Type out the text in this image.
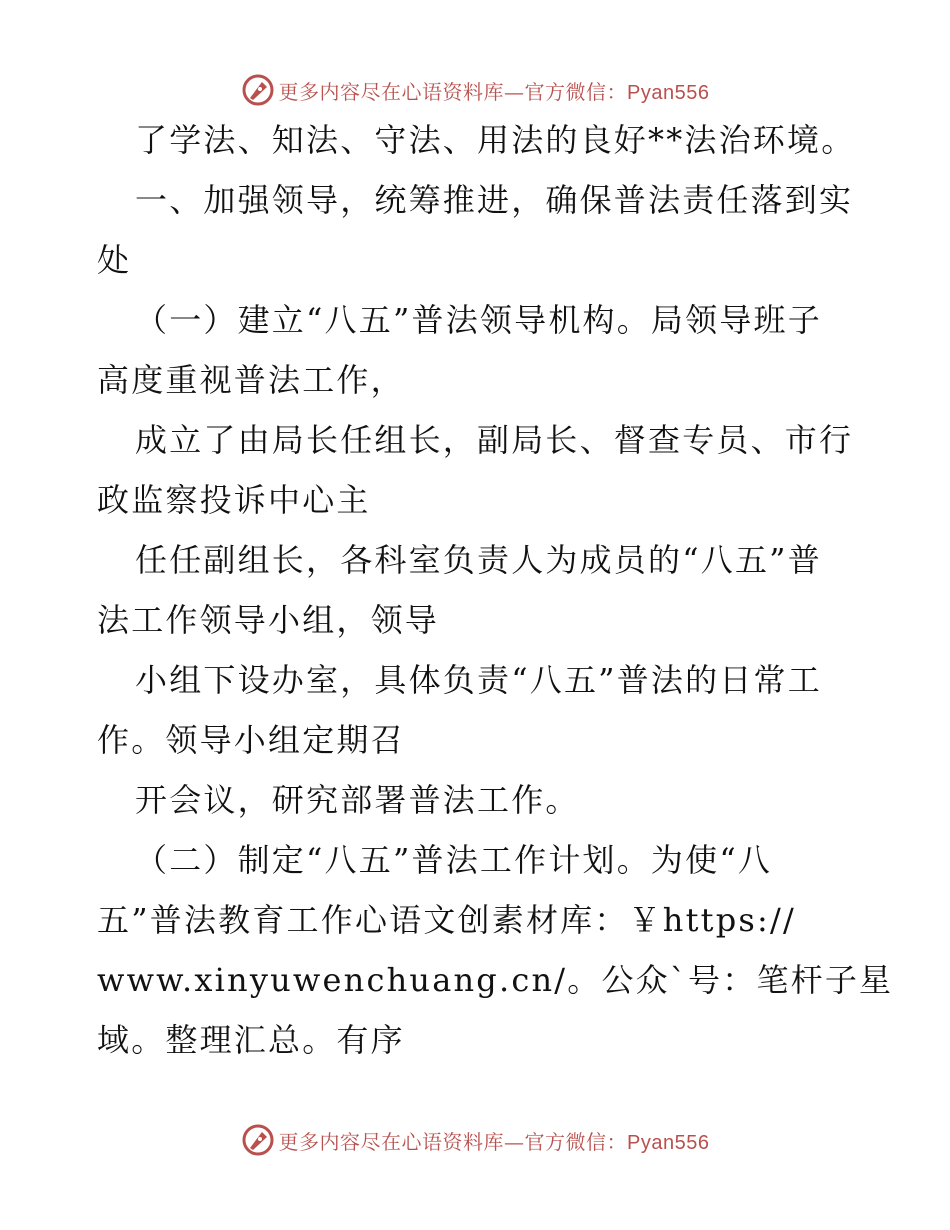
更多内容尽在心语资料库—官方微信：Pyan556
了学法、知法、守法、用法的良好**法治环境。
一、加强领导，统筹推进，确保普法责任落到实
处
（一）建立“八五”普法领导机构。局领导班子
高度重视普法工作，
成立了由局长任组长，副局长、督查专员、市行
政监察投诉中心主
任任副组长，各科室负责人为成员的“八五”普
法工作领导小组，领导
小组下设办室，具体负责“八五”普法的日常工
作。领导小组定期召
开会议，研究部署普法工作。
（二）制定“八五”普法工作计划。为使“八
五”普法教育工作心语文创素材库：￥https://
www.xinyuwenchuang.cn/。公众`号：笔杆子星
域。整理汇总。有序
更多内容尽在心语资料库—官方微信：Pyan556
